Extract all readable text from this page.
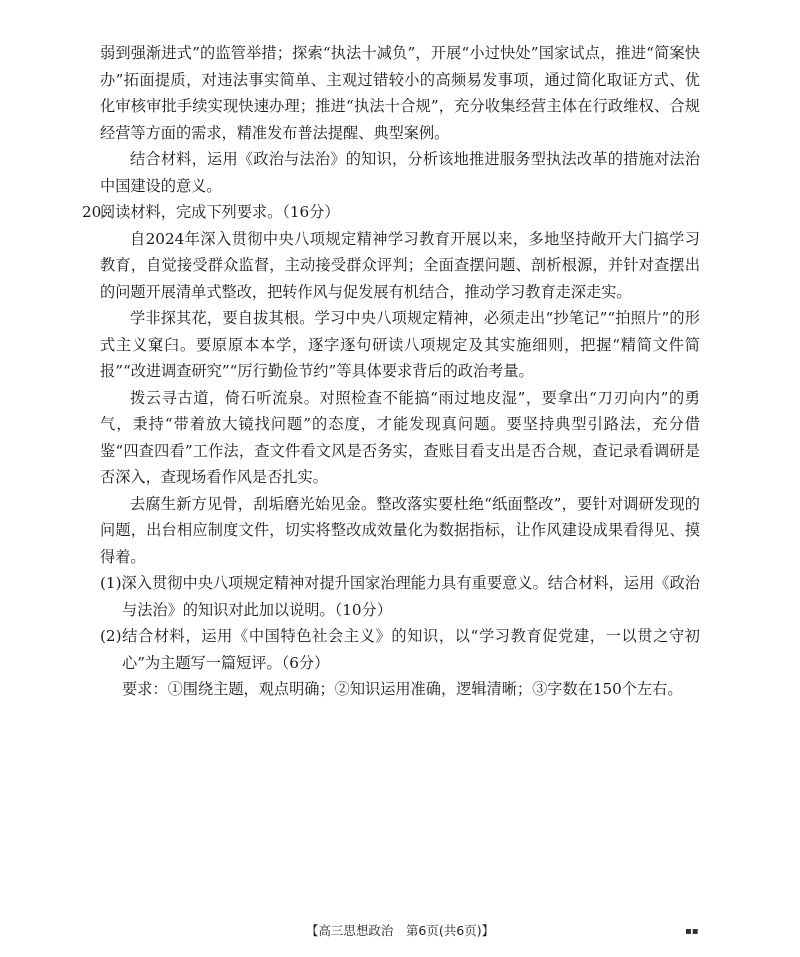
弱到强渐进式”的监管举措；探索“执法十减负”，开展“小过快处”国家试点，推进“简案快办”拓面提质，对违法事实简单、主观过错较小的高频易发事项，通过简化取证方式、优化审核审批手续实现快速办理；推进“执法十合规”，充分收集经营主体在行政维权、合规经营等方面的需求，精准发布普法提醒、典型案例。

结合材料，运用《政治与法治》的知识，分析该地推进服务型执法改革的措施对法治中国建设的意义。

20.
阅读材料，完成下列要求。（16分）

自2024年深入贯彻中央八项规定精神学习教育开展以来，多地坚持敞开大门搞学习教育，自觉接受群众监督，主动接受群众评判；全面查摆问题、剖析根源，并针对查摆出的问题开展清单式整改，把转作风与促发展有机结合，推动学习教育走深走实。

学非探其花，要自拔其根。学习中央八项规定精神，必须走出“抄笔记”“拍照片”的形式主义窠臼。要原原本本学，逐字逐句研读八项规定及其实施细则，把握“精简文件简报”“改进调查研究”“厉行勤俭节约”等具体要求背后的政治考量。

拨云寻古道，倚石听流泉。对照检查不能搞“雨过地皮湿”，要拿出“刀刃向内”的勇气，秉持“带着放大镜找问题”的态度，才能发现真问题。要坚持典型引路法，充分借鉴“四查四看”工作法，查文件看文风是否务实，查账目看支出是否合规，查记录看调研是否深入，查现场看作风是否扎实。

去腐生新方见骨，刮垢磨光始见金。整改落实要杜绝“纸面整改”，要针对调研发现的问题，出台相应制度文件，切实将整改成效量化为数据指标，让作风建设成果看得见、摸得着。

(1)深入贯彻中央八项规定精神对提升国家治理能力具有重要意义。结合材料，运用《政治与法治》的知识对此加以说明。（10分）

(2)结合材料，运用《中国特色社会主义》的知识，以“学习教育促党建，一以贯之守初心”为主题写一篇短评。（6分）

要求：①围绕主题，观点明确；②知识运用准确，逻辑清晰；③字数在150个左右。

【高三思想政治　第6页(共6页)】	▪▪
